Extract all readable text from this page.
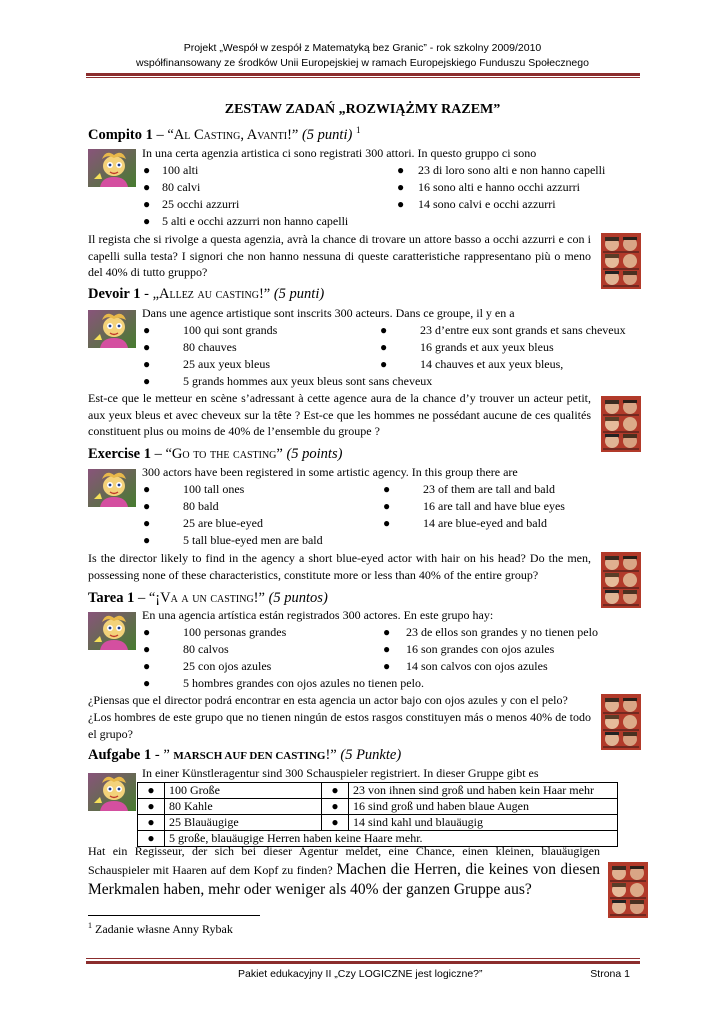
Projekt „Wespół w zespół z Matematyką bez Granic” - rok szkolny 2009/2010
współfinansowany ze środków Unii Europejskiej w ramach Europejskiego Funduszu Społecznego
ZESTAW ZADAŃ „ROZWIĄŻMY RAZEM”
Compito 1 – “Al Casting, Avanti!” (5 punti) $^1$
In una certa agenzia artistica ci sono registrati 300 attori. In questo gruppo ci sono
● 100 alti
● 80 calvi
● 25 occhi azzurri
● 5 alti e occhi azzurri non hanno capelli
● 23 di loro sono alti e non hanno capelli
● 16 sono alti e hanno occhi azzurri
● 14 sono calvi e occhi azzurri
Il regista che si rivolge a questa agenzia, avrà la chance di trovare un attore basso a occhi azzurri e con i capelli sulla testa? I signori che non hanno nessuna di queste caratteristiche rappresentano più o meno del 40% di tutto gruppo?
Devoir 1 - „Allez au casting!” (5 punti)
Dans une agence artistique sont inscrits 300 acteurs. Dans ce groupe, il y en a
●	100 qui sont grands
●	80 chauves
●	25 aux yeux bleus
●	5 grands hommes aux yeux bleus sont sans cheveux
●	23 d’entre eux sont grands et sans cheveux
●	16 grands et aux yeux bleus
●	14 chauves et aux yeux bleus,
Est-ce que le metteur en scène s’adressant à cette agence aura de la chance d’y trouver un acteur petit, aux yeux bleus et avec cheveux sur la tête ? Est-ce que les hommes ne possédant aucune de ces qualités constituent plus ou moins de 40% de l’ensemble du groupe ?
Exercise 1 – “Go to the casting” (5 points)
300 actors have been registered in some artistic agency. In this group there are
●	100 tall ones
●	80 bald
●	25 are blue-eyed
●	5 tall blue-eyed men are bald
●	23 of them are tall and bald
●	16 are tall and have blue eyes
●	14 are blue-eyed and bald
Is the director likely to find in the agency a short blue-eyed actor with hair on his head? Do the men, possessing none of these characteristics, constitute more or less than 40% of the entire group?
Tarea 1 – “¡Va a un casting!” (5 puntos)
En una agencia artística están registrados 300 actores. En este grupo hay:
●	100 personas grandes
●	80 calvos
●	25 con ojos azules
●	5 hombres grandes con ojos azules no tienen pelo.
● 23 de ellos son grandes y no tienen pelo
● 16 son grandes con ojos azules
● 14 son calvos con ojos azules
¿Piensas que el director podrá encontrar en esta agencia un actor bajo con ojos azules y con el pelo?
¿Los hombres de este grupo que no tienen ningún de estos rasgos constituyen más o menos 40% de todo el grupo?
Aufgabe 1 - ” MARSCH AUF DEN CASTING!” (5 Punkte)
In einer Künstleragentur sind 300 Schauspieler registriert. In dieser Gruppe gibt es
●	100 Große	●	23 von ihnen sind groß und haben kein Haar mehr
●	80 Kahle	●	16 sind groß und haben blaue Augen
●	25 Blauäugige	●	14 sind kahl und blauäugig
●	5 große, blauäugige Herren haben keine Haare mehr.		
Hat ein Regisseur, der sich bei dieser Agentur meldet, eine Chance, einen kleinen, blauäugigen Schauspieler mit Haaren auf dem Kopf zu finden? Machen die Herren, die keines von diesen Merkmalen haben, mehr oder weniger als 40% der ganzen Gruppe aus?
$^1$ Zadanie własne Anny Rybak
Pakiet edukacyjny II „Czy LOGICZNE jest logiczne?”	Strona 1
